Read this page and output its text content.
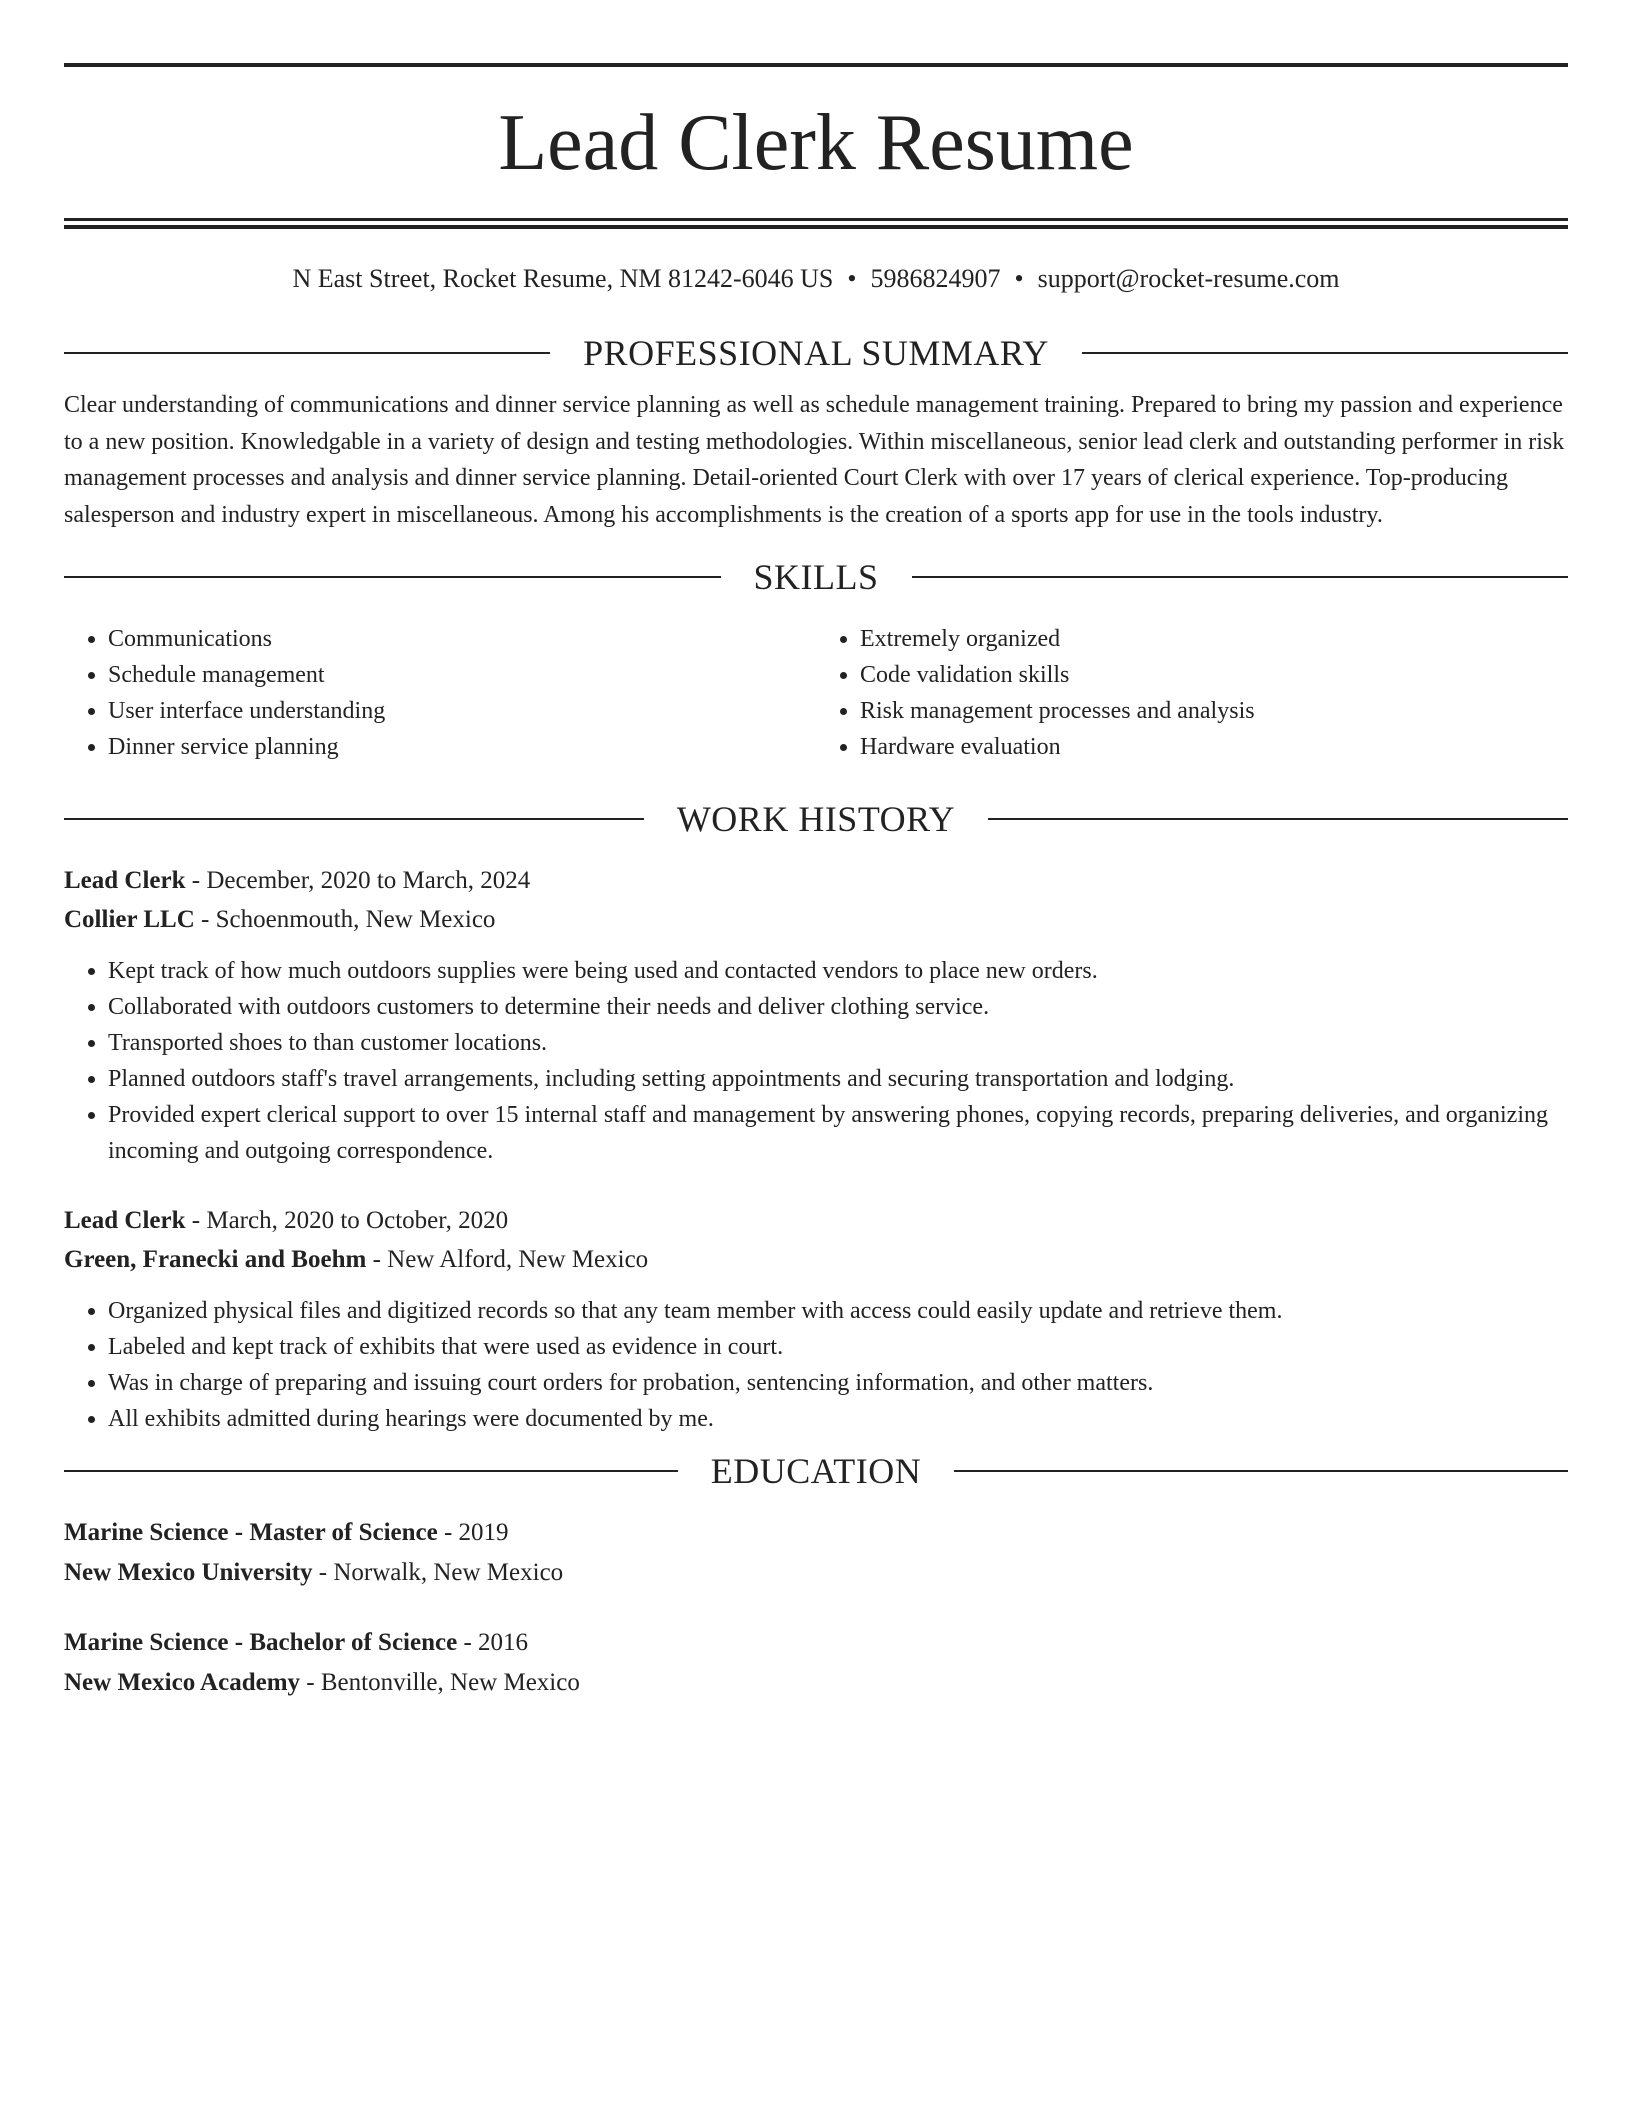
Lead Clerk Resume
N East Street, Rocket Resume, NM 81242-6046 US • 5986824907 • support@rocket-resume.com
PROFESSIONAL SUMMARY

Clear understanding of communications and dinner service planning as well as schedule management training. Prepared to bring my passion and experience to a new position. Knowledgable in a variety of design and testing methodologies. Within miscellaneous, senior lead clerk and outstanding performer in risk management processes and analysis and dinner service planning. Detail-oriented Court Clerk with over 17 years of clerical experience. Top-producing salesperson and industry expert in miscellaneous. Among his accomplishments is the creation of a sports app for use in the tools industry.

SKILLS
• Communications
• Schedule management
• User interface understanding
• Dinner service planning
• Extremely organized
• Code validation skills
• Risk management processes and analysis
• Hardware evaluation
WORK HISTORY
Lead Clerk - December, 2020 to March, 2024
Collier LLC - Schoenmouth, New Mexico
• Kept track of how much outdoors supplies were being used and contacted vendors to place new orders.
• Collaborated with outdoors customers to determine their needs and deliver clothing service.
• Transported shoes to than customer locations.
• Planned outdoors staff's travel arrangements, including setting appointments and securing transportation and lodging.
• Provided expert clerical support to over 15 internal staff and management by answering phones, copying records, preparing deliveries, and organizing incoming and outgoing correspondence.
Lead Clerk - March, 2020 to October, 2020
Green, Franecki and Boehm - New Alford, New Mexico
• Organized physical files and digitized records so that any team member with access could easily update and retrieve them.
• Labeled and kept track of exhibits that were used as evidence in court.
• Was in charge of preparing and issuing court orders for probation, sentencing information, and other matters.
• All exhibits admitted during hearings were documented by me.
EDUCATION
Marine Science - Master of Science - 2019
New Mexico University - Norwalk, New Mexico
Marine Science - Bachelor of Science - 2016
New Mexico Academy - Bentonville, New Mexico
